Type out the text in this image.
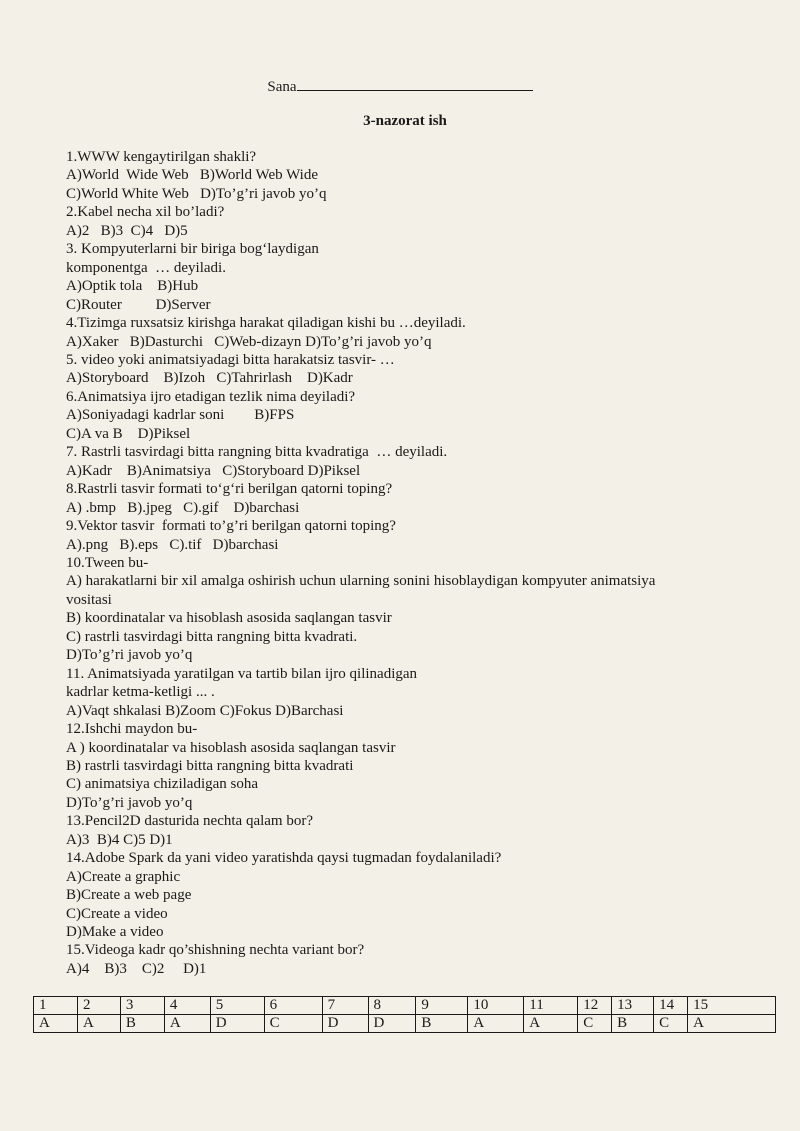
Sana
3-nazorat ish
1.WWW kengaytirilgan shakli?
A)World  Wide Web   B)World Web Wide
C)World White Web   D)To’g’ri javob yo’q
2.Kabel necha xil bo’ladi?
A)2   B)3  C)4   D)5
3. Kompyuterlarni bir biriga bogʻlaydigan
komponentga  … deyiladi.
A)Optik tola    B)Hub
C)Router         D)Server
4.Tizimga ruxsatsiz kirishga harakat qiladigan kishi bu …deyiladi.
A)Xaker   B)Dasturchi   C)Web-dizayn D)To’g’ri javob yo’q
5. video yoki animatsiyadagi bitta harakatsiz tasvir- …
A)Storyboard    B)Izoh   C)Tahrirlash    D)Kadr
6.Animatsiya ijro etadigan tezlik nima deyiladi?
A)Soniyadagi kadrlar soni        B)FPS
C)A va B    D)Piksel
7. Rastrli tasvirdagi bitta rangning bitta kvadratiga  … deyiladi.
A)Kadr    B)Animatsiya   C)Storyboard D)Piksel
8.Rastrli tasvir formati toʻgʻri berilgan qatorni toping?
A) .bmp   B).jpeg   C).gif    D)barchasi
9.Vektor tasvir  formati to’g’ri berilgan qatorni toping?
A).png   B).eps   C).tif   D)barchasi
10.Tween bu-
A) harakatlarni bir xil amalga oshirish uchun ularning sonini hisoblaydigan kompyuter animatsiya
vositasi
B) koordinatalar va hisoblash asosida saqlangan tasvir
C) rastrli tasvirdagi bitta rangning bitta kvadrati.
D)To’g’ri javob yo’q
11. Animatsiyada yaratilgan va tartib bilan ijro qilinadigan
kadrlar ketma-ketligi ... .
A)Vaqt shkalasi B)Zoom C)Fokus D)Barchasi
12.Ishchi maydon bu-
A ) koordinatalar va hisoblash asosida saqlangan tasvir
B) rastrli tasvirdagi bitta rangning bitta kvadrati
C) animatsiya chiziladigan soha
D)To’g’ri javob yo’q
13.Pencil2D dasturida nechta qalam bor?
A)3  B)4 C)5 D)1
14.Adobe Spark da yani video yaratishda qaysi tugmadan foydalaniladi?
A)Create a graphic
B)Create a web page
C)Create a video
D)Make a video
15.Videoga kadr qo’shishning nechta variant bor?
A)4    B)3    C)2     D)1
1	2	3	4	5	6	7	8	9	10	11	12	13	14	15
A	A	B	A	D	C	D	D	B	A	A	C	B	C	A
